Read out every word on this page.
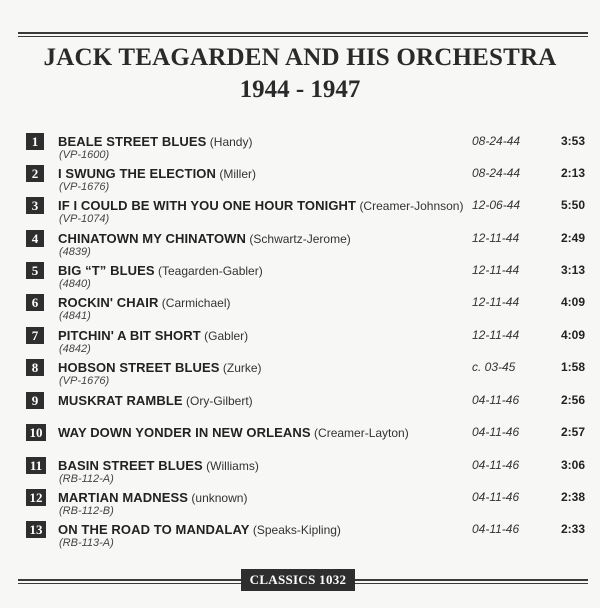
JACK TEAGARDEN AND HIS ORCHESTRA
1944 - 1947
1	BEALE STREET BLUES (Handy)
(VP-1600)
08-24-44	3:53
2	I SWUNG THE ELECTION (Miller)
(VP-1676)
08-24-44	2:13
3	IF I COULD BE WITH YOU ONE HOUR TONIGHT (Creamer-Johnson)
(VP-1074)
12-06-44	5:50
4	CHINATOWN MY CHINATOWN (Schwartz-Jerome)
(4839)
12-11-44	2:49
5	BIG “T” BLUES (Teagarden-Gabler)
(4840)
12-11-44	3:13
6	ROCKIN' CHAIR (Carmichael)
(4841)
12-11-44	4:09
7	PITCHIN' A BIT SHORT (Gabler)
(4842)
12-11-44	4:09
8	HOBSON STREET BLUES (Zurke)
(VP-1676)
c. 03-45	1:58
9	MUSKRAT RAMBLE (Ory-Gilbert)	04-11-46	2:56
10 WAY DOWN YONDER IN NEW ORLEANS (Creamer-Layton)	04-11-46	2:57
11 BASIN STREET BLUES (Williams)
(RB-112-A)
04-11-46	3:06
12 MARTIAN MADNESS (unknown)
(RB-112-B)
04-11-46	2:38
13 ON THE ROAD TO MANDALAY (Speaks-Kipling)
(RB-113-A)
04-11-46	2:33
CLASSICS 1032
